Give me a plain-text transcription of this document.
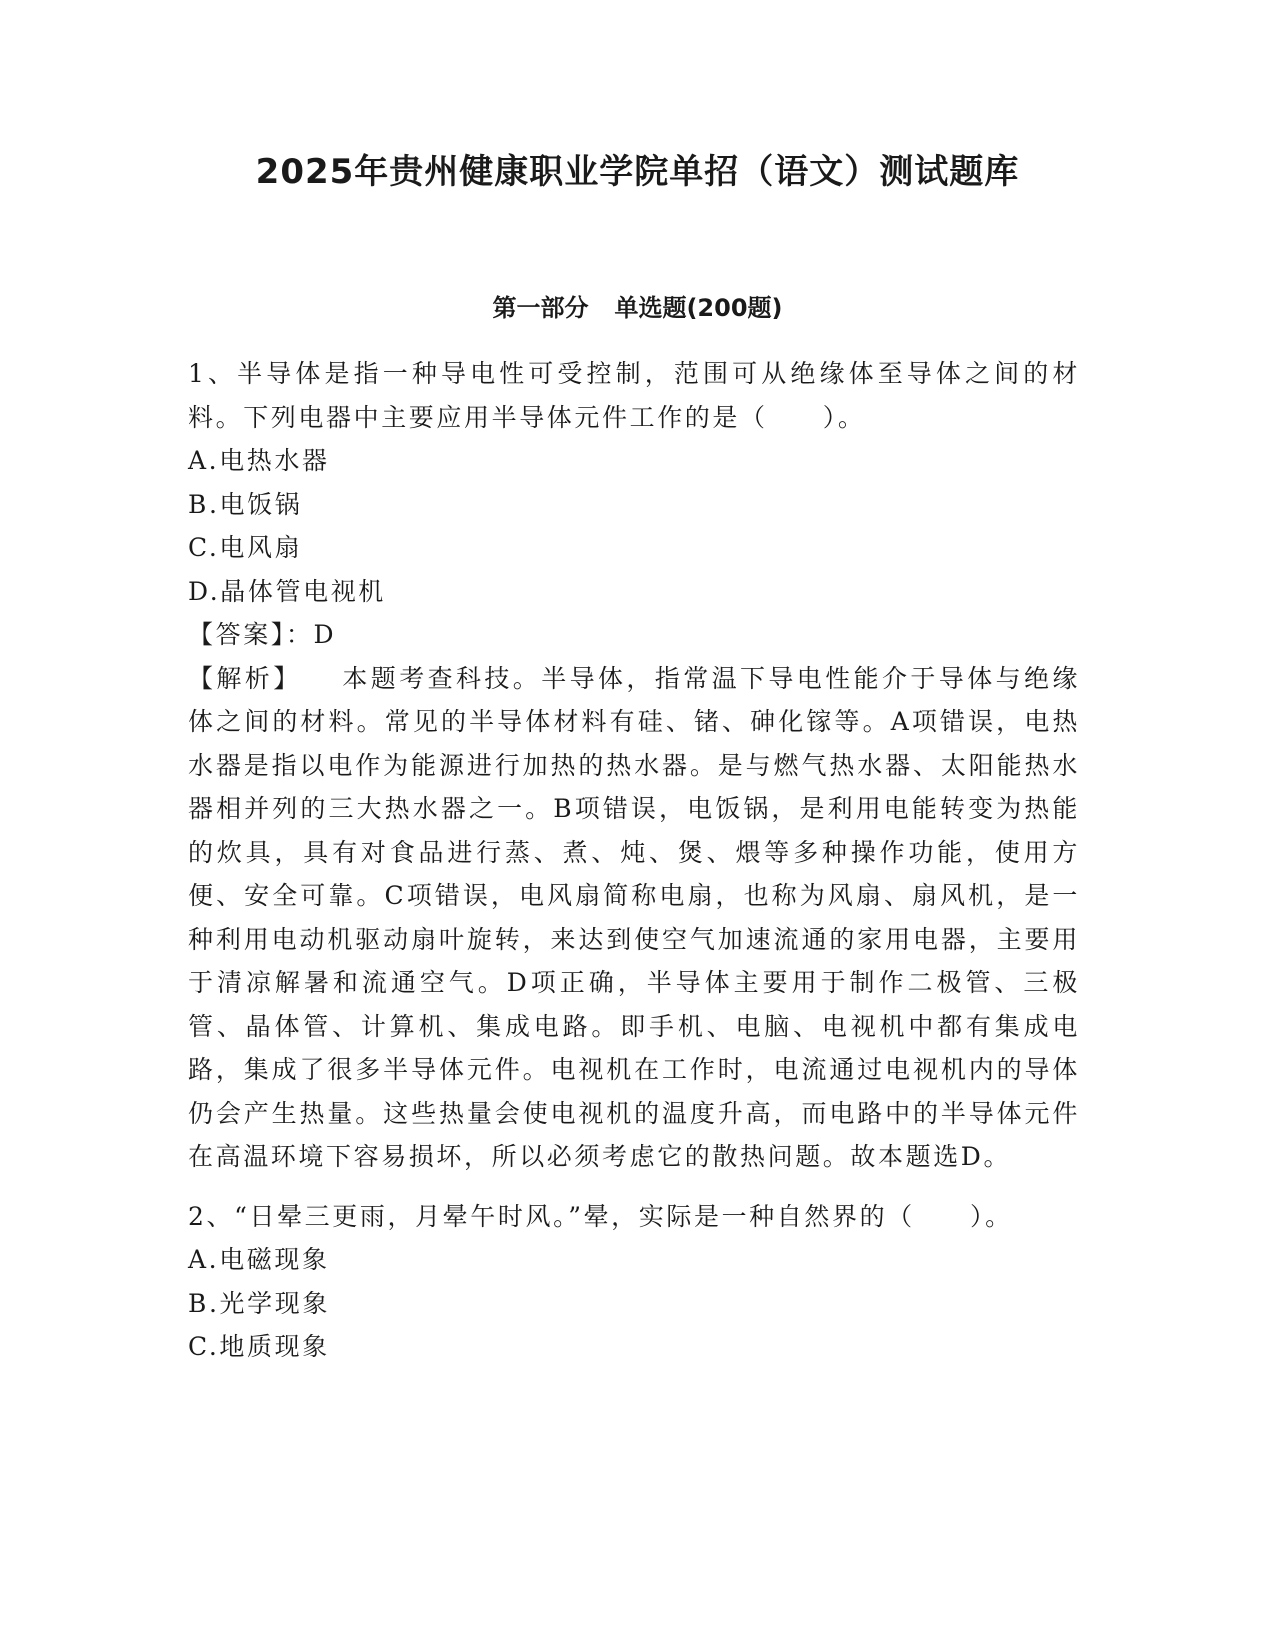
2025年贵州健康职业学院单招（语文）测试题库
第一部分 单选题(200题)

1、半导体是指一种导电性可受控制，范围可从绝缘体至导体之间的材料。下列电器中主要应用半导体元件工作的是（　　）。

A.电热水器

B.电饭锅

C.电风扇

D.晶体管电视机

【答案】：D

【解析】 本题考查科技。半导体，指常温下导电性能介于导体与绝缘体之间的材料。常见的半导体材料有硅、锗、砷化镓等。A项错误，电热水器是指以电作为能源进行加热的热水器。是与燃气热水器、太阳能热水器相并列的三大热水器之一。B项错误，电饭锅，是利用电能转变为热能的炊具，具有对食品进行蒸、煮、炖、煲、煨等多种操作功能，使用方便、安全可靠。C项错误，电风扇简称电扇，也称为风扇、扇风机，是一种利用电动机驱动扇叶旋转，来达到使空气加速流通的家用电器，主要用于清凉解暑和流通空气。D项正确，半导体主要用于制作二极管、三极管、晶体管、计算机、集成电路。即手机、电脑、电视机中都有集成电路，集成了很多半导体元件。电视机在工作时，电流通过电视机内的导体仍会产生热量。这些热量会使电视机的温度升高，而电路中的半导体元件在高温环境下容易损坏，所以必须考虑它的散热问题。故本题选D。

2、“日晕三更雨，月晕午时风。”晕，实际是一种自然界的（　　）。

A.电磁现象

B.光学现象

C.地质现象
